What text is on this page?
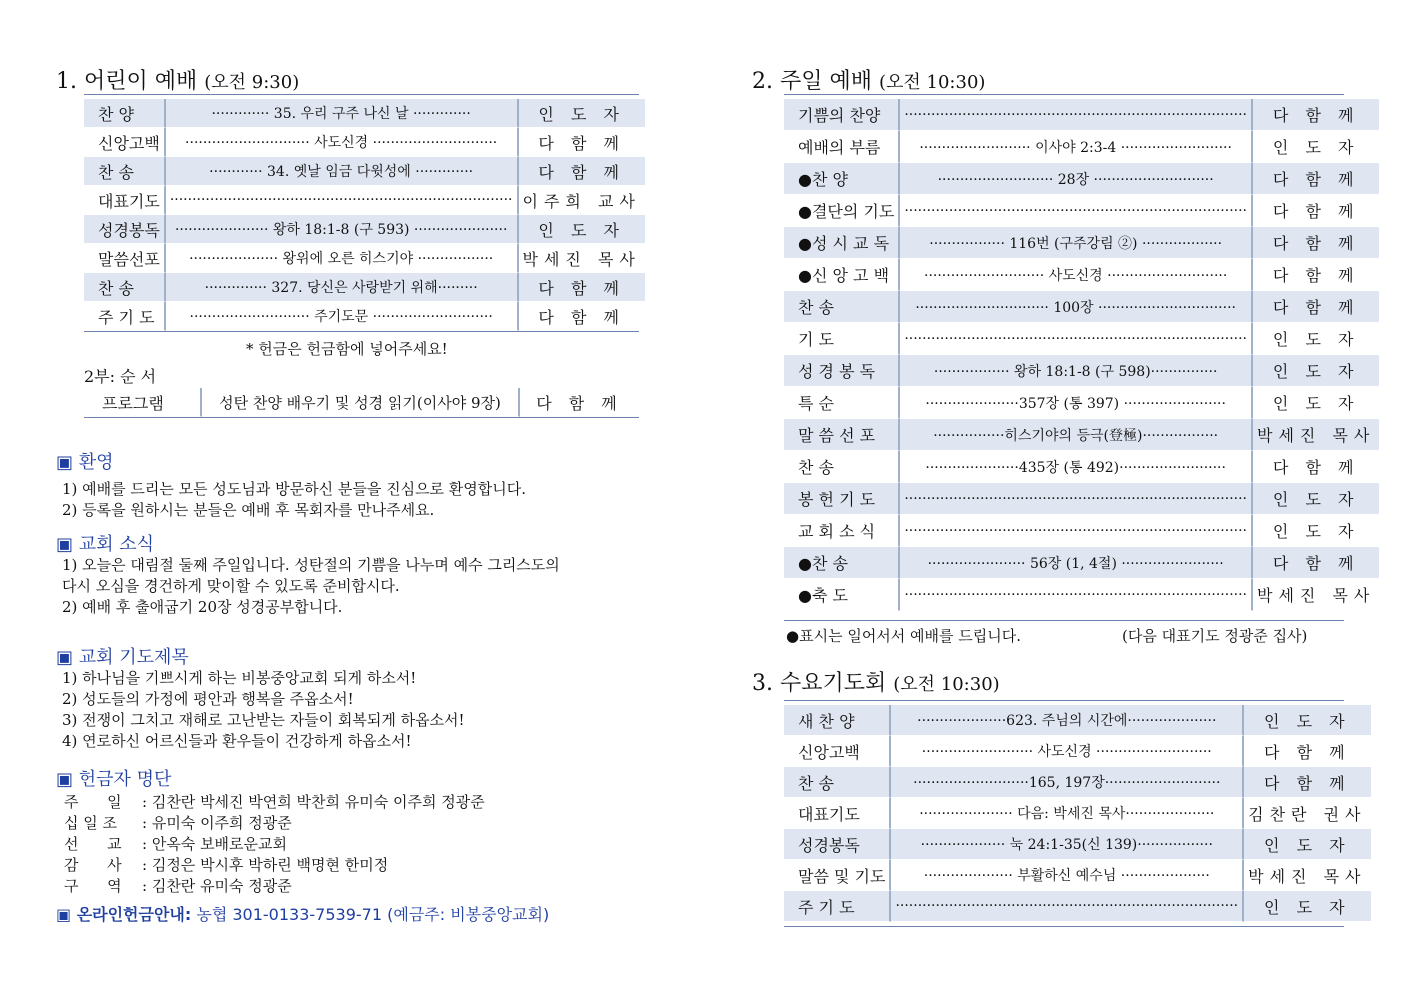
1. 어린이 예배 (오전 9:30)
찬 양	············· 35. 우리 구주 나신 날 ·············	인 도 자
신앙고백	···························· 사도신경 ····························	다 함 께
찬 송	············ 34. 옛날 임금 다윗성에 ·············	다 함 께
대표기도	·············································································	이주희 교사
성경봉독	····················· 왕하 18:1-8 (구 593) ·····················	인 도 자
말씀선포	···················· 왕위에 오른 히스기야 ·················	박세진 목사
찬 송	·············· 327. 당신은 사랑받기 위해·········	다 함 께
주 기 도	··························· 주기도문 ···························	다 함 께
* 헌금은 헌금함에 넣어주세요!
2부: 순 서
프로그램	성탄 찬양 배우기 및 성경 읽기(이사야 9장)	다 함 께
▣ 환영
1) 예배를 드리는 모든 성도님과 방문하신 분들을 진심으로 환영합니다.
2) 등록을 원하시는 분들은 예배 후 목회자를 만나주세요.
▣ 교회 소식
1) 오늘은 대림절 둘째 주일입니다. 성탄절의 기쁨을 나누며 예수 그리스도의
다시 오심을 경건하게 맞이할 수 있도록 준비합시다.
2) 예배 후 출애굽기 20장 성경공부합니다.
▣ 교회 기도제목
1) 하나님을 기쁘시게 하는 비봉중앙교회 되게 하소서!
2) 성도들의 가정에 평안과 행복을 주옵소서!
3) 전쟁이 그치고 재해로 고난받는 자들이 회복되게 하옵소서!
4) 연로하신 어르신들과 환우들이 건강하게 하옵소서!
▣ 헌금자 명단
주      일 : 김찬란 박세진 박연희 박찬희 유미숙 이주희 정광준
십 일 조 : 유미숙 이주희 정광준
선      교 : 안옥숙 보배로운교회
감      사 : 김정은 박시후 박하린 백명현 한미정
구      역 : 김찬란 유미숙 정광준
▣ 온라인헌금안내: 농협 301-0133-7539-71 (예금주: 비봉중앙교회)
2. 주일 예배 (오전 10:30)
기쁨의 찬양	·············································································	다 함 께
예배의 부름	························· 이사야 2:3-4 ·························	인 도 자
●찬 양	·························· 28장 ···························	다 함 께
●결단의 기도	·············································································	다 함 께
●성 시 교 독	················· 116번 (구주강림 ②) ··················	다 함 께
●신 앙 고 백	··························· 사도신경 ···························	다 함 께
찬 송	······························ 100장 ·······························	다 함 께
기 도	·············································································	인 도 자
성 경 봉 독	················· 왕하 18:1-8 (구 598)···············	인 도 자
특 순	·····················357장 (통 397) ·······················	인 도 자
말 씀 선 포	················히스기야의 등극(登極)·················	박세진 목사
찬 송	·····················435장 (통 492)························	다 함 께
봉 헌 기 도	·············································································	인 도 자
교 회 소 식	·············································································	인 도 자
●찬 송	······················ 56장 (1, 4절) ·······················	다 함 께
●축 도	·············································································	박세진 목사
●표시는 일어서서 예배를 드립니다.	(다음 대표기도 정광준 집사)
3. 수요기도회 (오전 10:30)
새 찬 양	····················623. 주님의 시간에····················	인 도 자
신앙고백	························· 사도신경 ··························	다 함 께
찬 송	··························165, 197장··························	다 함 께
대표기도	····················· 다음: 박세진 목사····················	김찬란 권사
성경봉독	··················· 눅 24:1-35(신 139)·················	인 도 자
말씀 및 기도	···················· 부활하신 예수님 ····················	박세진 목사
주 기 도	·············································································	인 도 자
